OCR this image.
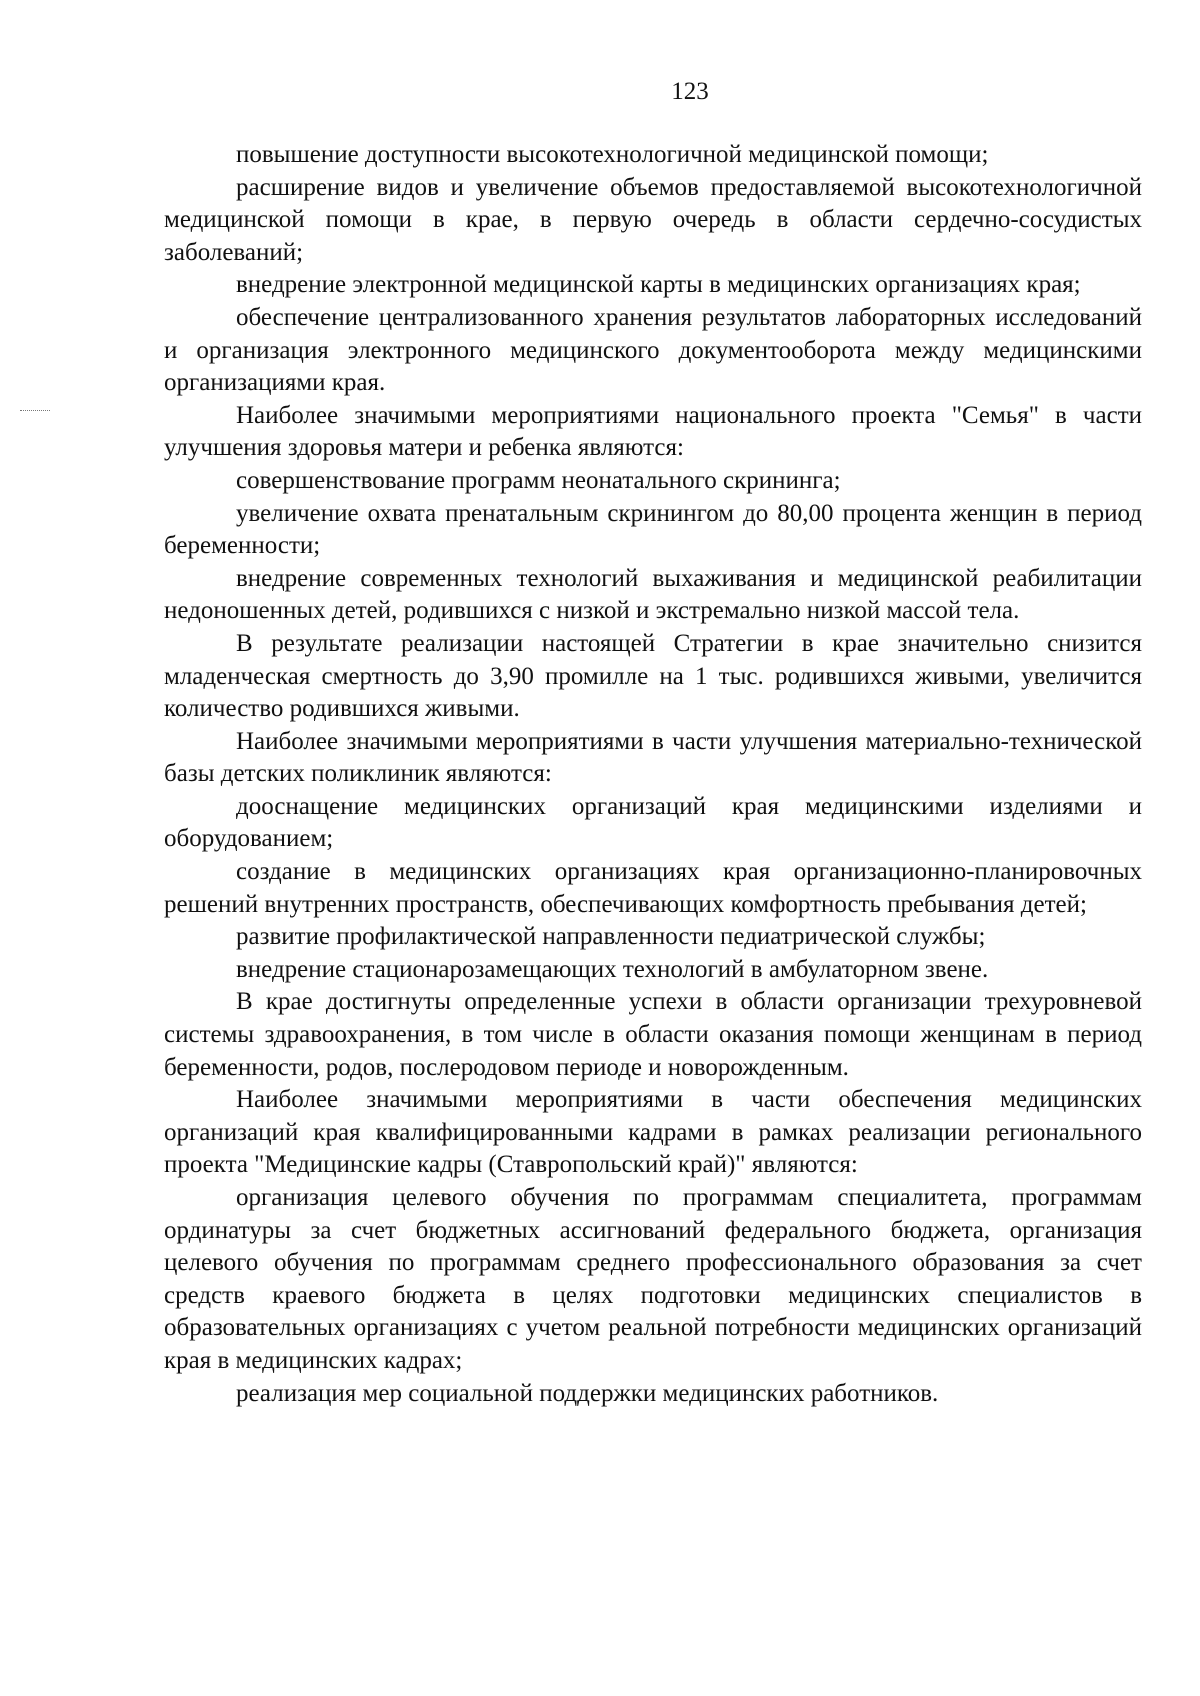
123

повышение доступности высокотехнологичной медицинской помощи;

расширение видов и увеличение объемов предоставляемой высокотехнологичной медицинской помощи в крае, в первую очередь в области сердечно-сосудистых заболеваний;

внедрение электронной медицинской карты в медицинских организациях края;

обеспечение централизованного хранения результатов лабораторных исследований и организация электронного медицинского документооборота между медицинскими организациями края.

Наиболее значимыми мероприятиями национального проекта "Семья" в части улучшения здоровья матери и ребенка являются:

совершенствование программ неонатального скрининга;

увеличение охвата пренатальным скринингом до 80,00 процента женщин в период беременности;

внедрение современных технологий выхаживания и медицинской реабилитации недоношенных детей, родившихся с низкой и экстремально низкой массой тела.

В результате реализации настоящей Стратегии в крае значительно снизится младенческая смертность до 3,90 промилле на 1 тыс. родившихся живыми, увеличится количество родившихся живыми.

Наиболее значимыми мероприятиями в части улучшения материально-технической базы детских поликлиник являются:

дооснащение медицинских организаций края медицинскими изделиями и оборудованием;

создание в медицинских организациях края организационно-планировочных решений внутренних пространств, обеспечивающих комфортность пребывания детей;

развитие профилактической направленности педиатрической службы;

внедрение стационарозамещающих технологий в амбулаторном звене.

В крае достигнуты определенные успехи в области организации трехуровневой системы здравоохранения, в том числе в области оказания помощи женщинам в период беременности, родов, послеродовом периоде и новорожденным.

Наиболее значимыми мероприятиями в части обеспечения медицинских организаций края квалифицированными кадрами в рамках реализации регионального проекта "Медицинские кадры (Ставропольский край)" являются:

организация целевого обучения по программам специалитета, программам ординатуры за счет бюджетных ассигнований федерального бюджета, организация целевого обучения по программам среднего профессионального образования за счет средств краевого бюджета в целях подготовки медицинских специалистов в образовательных организациях с учетом реальной потребности медицинских организаций края в медицинских кадрах;

реализация мер социальной поддержки медицинских работников.
